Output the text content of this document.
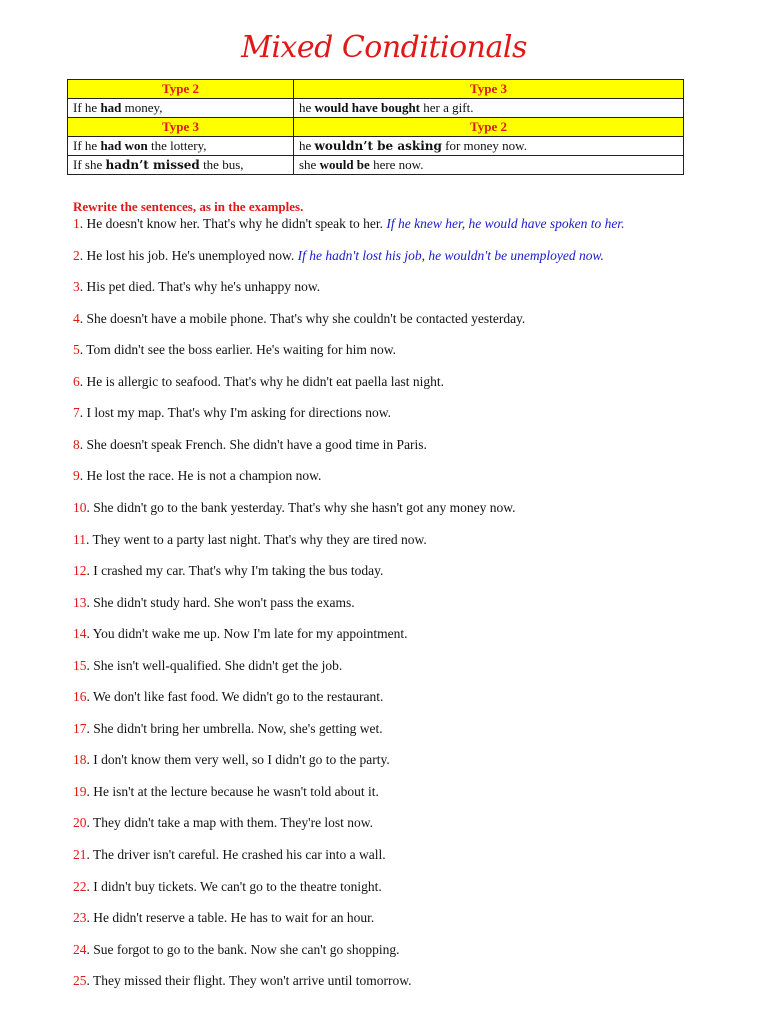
Mixed Conditionals
Type 2	Type 3
If he had money,	he would have bought her a gift.
Type 3	Type 2
If he had won the lottery,	he wouldn’t be asking for money now.
If she hadn’t missed the bus,	she would be here now.
Rewrite the sentences, as in the examples.
1. He doesn't know her. That's why he didn't speak to her. If he knew her, he would have spoken to her.
2. He lost his job. He's unemployed now. If he hadn't lost his job, he wouldn't be unemployed now.
3. His pet died. That's why he's unhappy now.
4. She doesn't have a mobile phone. That's why she couldn't be contacted yesterday.
5. Tom didn't see the boss earlier. He's waiting for him now.
6. He is allergic to seafood. That's why he didn't eat paella last night.
7. I lost my map. That's why I'm asking for directions now.
8. She doesn't speak French. She didn't have a good time in Paris.
9. He lost the race. He is not a champion now.
10. She didn't go to the bank yesterday. That's why she hasn't got any money now.
11. They went to a party last night. That's why they are tired now.
12. I crashed my car. That's why I'm taking the bus today.
13. She didn't study hard. She won't pass the exams.
14. You didn't wake me up. Now I'm late for my appointment.
15. She isn't well-qualified. She didn't get the job.
16. We don't like fast food. We didn't go to the restaurant.
17. She didn't bring her umbrella. Now, she's getting wet.
18. I don't know them very well, so I didn't go to the party.
19. He isn't at the lecture because he wasn't told about it.
20. They didn't take a map with them. They're lost now.
21. The driver isn't careful. He crashed his car into a wall.
22. I didn't buy tickets. We can't go to the theatre tonight.
23. He didn't reserve a table. He has to wait for an hour.
24. Sue forgot to go to the bank. Now she can't go shopping.
25. They missed their flight. They won't arrive until tomorrow.
